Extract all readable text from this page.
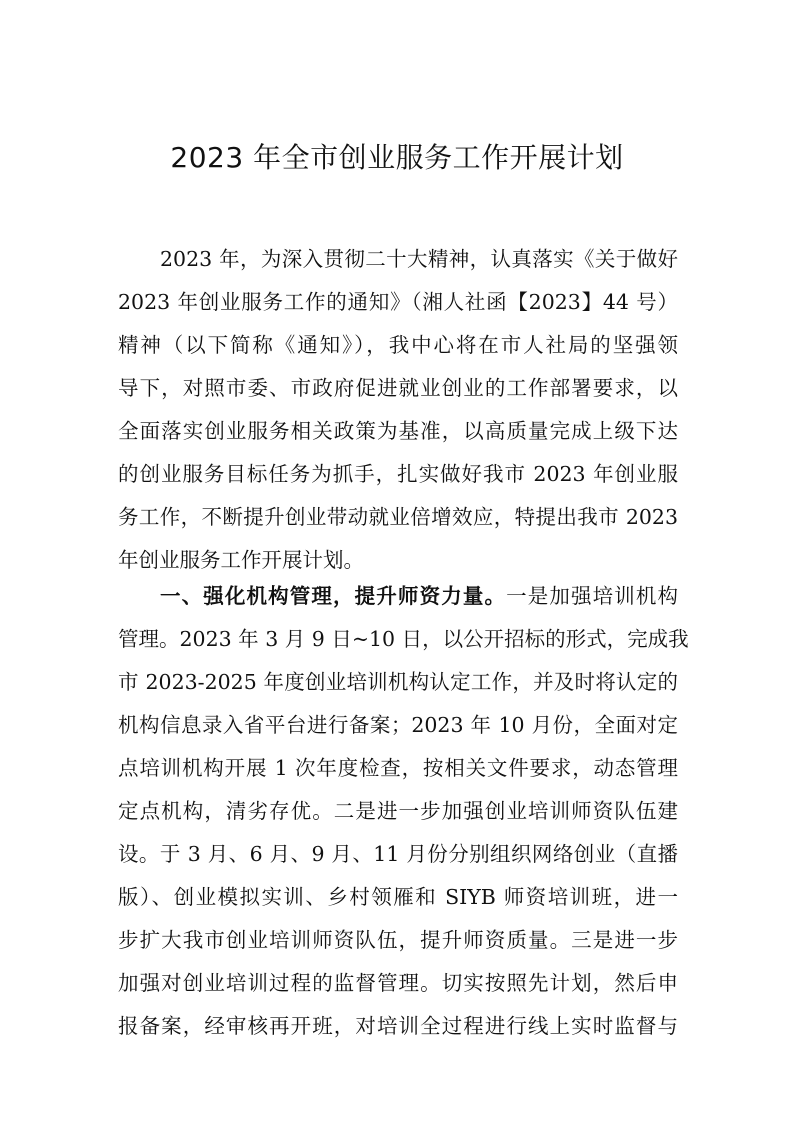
2023 年全市创业服务工作开展计划
2023 年，为深入贯彻二十大精神，认真落实《关于做好
2023 年创业服务工作的通知》（湘人社函【2023】44 号）
精神（以下简称《通知》），我中心将在市人社局的坚强领
导下，对照市委、市政府促进就业创业的工作部署要求，以
全面落实创业服务相关政策为基准，以高质量完成上级下达
的创业服务目标任务为抓手，扎实做好我市 2023 年创业服
务工作，不断提升创业带动就业倍增效应，特提出我市 2023
年创业服务工作开展计划。
一、强化机构管理，提升师资力量。一是加强培训机构
管理。2023 年 3 月 9 日~10 日，以公开招标的形式，完成我
市 2023-2025 年度创业培训机构认定工作，并及时将认定的
机构信息录入省平台进行备案；2023 年 10 月份，全面对定
点培训机构开展 1 次年度检查，按相关文件要求，动态管理
定点机构，清劣存优。二是进一步加强创业培训师资队伍建
设。于 3 月、6 月、9 月、11 月份分别组织网络创业（直播
版）、创业模拟实训、乡村领雁和 SIYB 师资培训班，进一
步扩大我市创业培训师资队伍，提升师资质量。三是进一步
加强对创业培训过程的监督管理。切实按照先计划，然后申
报备案，经审核再开班，对培训全过程进行线上实时监督与
